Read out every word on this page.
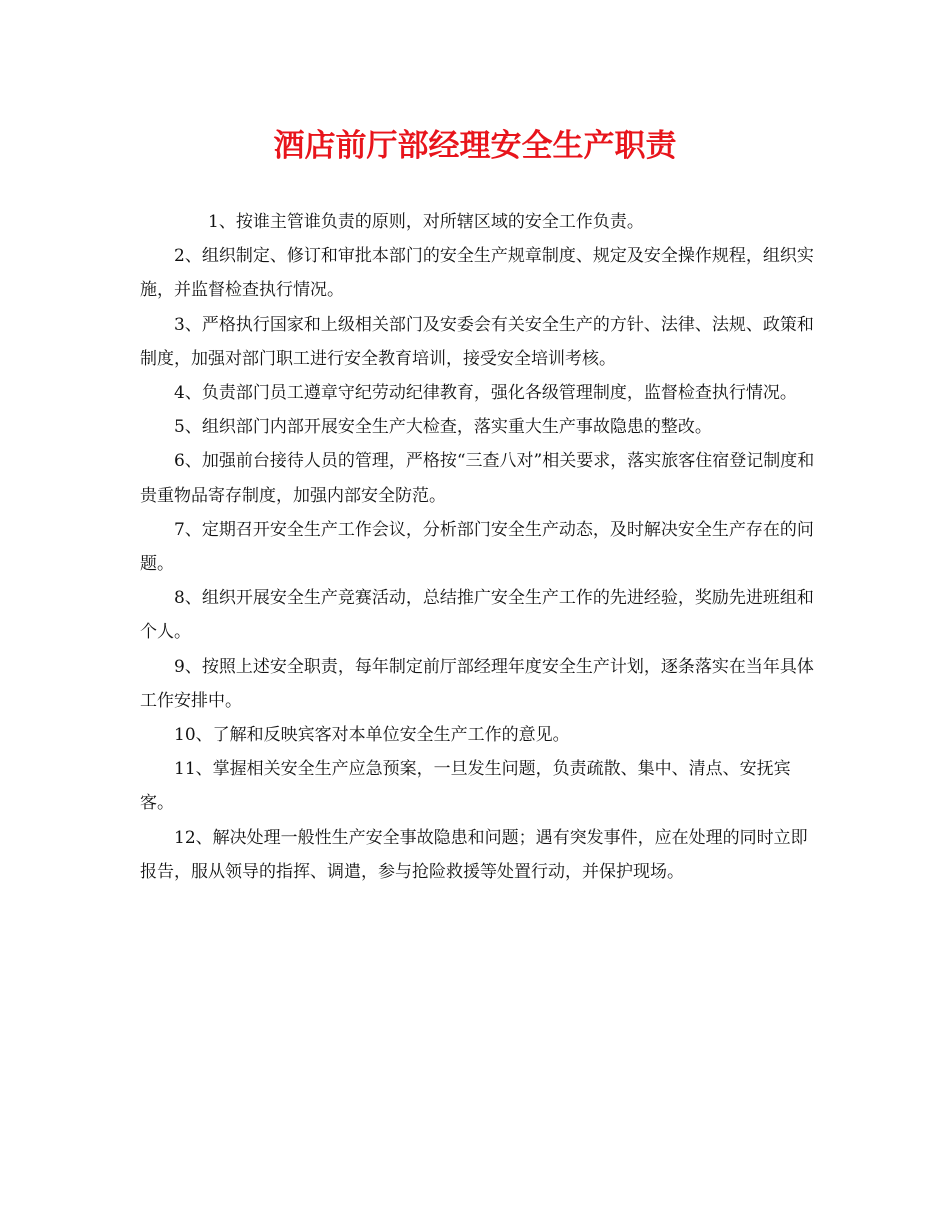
酒店前厅部经理安全生产职责

1、按谁主管谁负责的原则，对所辖区域的安全工作负责。

2、组织制定、修订和审批本部门的安全生产规章制度、规定及安全操作规程，组织实施，并监督检查执行情况。

3、严格执行国家和上级相关部门及安委会有关安全生产的方针、法律、法规、政策和制度，加强对部门职工进行安全教育培训，接受安全培训考核。

4、负责部门员工遵章守纪劳动纪律教育，强化各级管理制度，监督检查执行情况。

5、组织部门内部开展安全生产大检查，落实重大生产事故隐患的整改。

6、加强前台接待人员的管理，严格按“三查八对”相关要求，落实旅客住宿登记制度和贵重物品寄存制度，加强内部安全防范。

7、定期召开安全生产工作会议，分析部门安全生产动态，及时解决安全生产存在的问题。

8、组织开展安全生产竞赛活动，总结推广安全生产工作的先进经验，奖励先进班组和个人。

9、按照上述安全职责，每年制定前厅部经理年度安全生产计划，逐条落实在当年具体工作安排中。

10、了解和反映宾客对本单位安全生产工作的意见。

11、掌握相关安全生产应急预案，一旦发生问题，负责疏散、集中、清点、安抚宾客。

12、解决处理一般性生产安全事故隐患和问题；遇有突发事件，应在处理的同时立即报告，服从领导的指挥、调遣，参与抢险救援等处置行动，并保护现场。
